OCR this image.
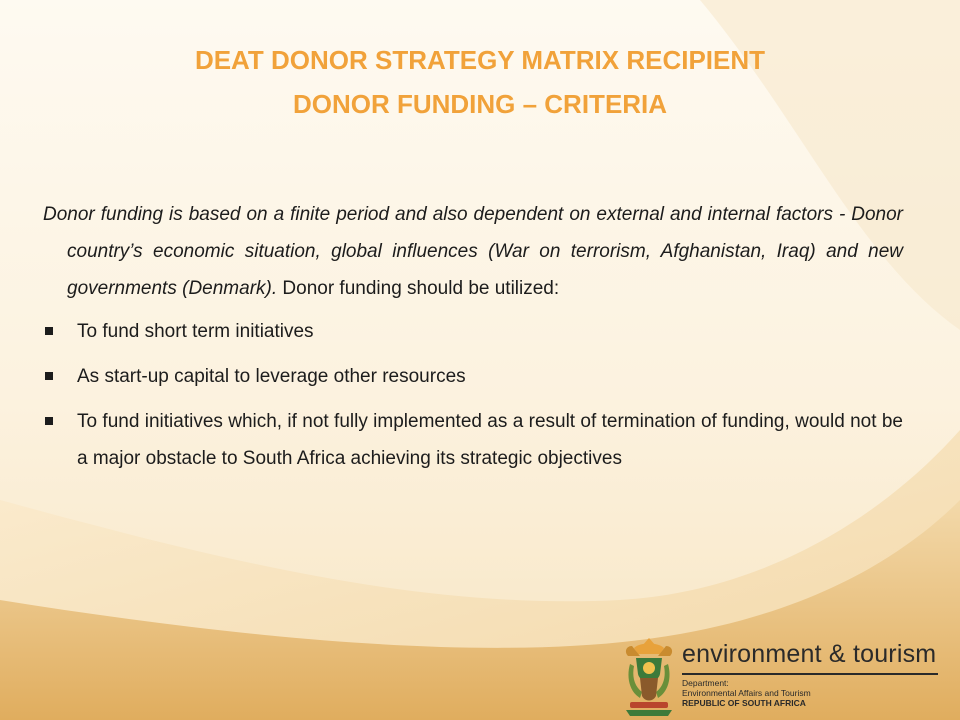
DEAT DONOR STRATEGY MATRIX RECIPIENT
DONOR FUNDING – CRITERIA

Donor funding is based on a finite period and also dependent on external and internal factors - Donor country’s economic situation, global influences (War on terrorism, Afghanistan, Iraq) and new governments (Denmark). Donor funding should be utilized:

To fund short term initiatives
As start-up capital to leverage other resources
To fund initiatives which, if not fully implemented as a result of termination of funding, would not be a major obstacle to South Africa achieving its strategic objectives
environment & tourism
Department:
Environmental Affairs and Tourism
REPUBLIC OF SOUTH AFRICA
